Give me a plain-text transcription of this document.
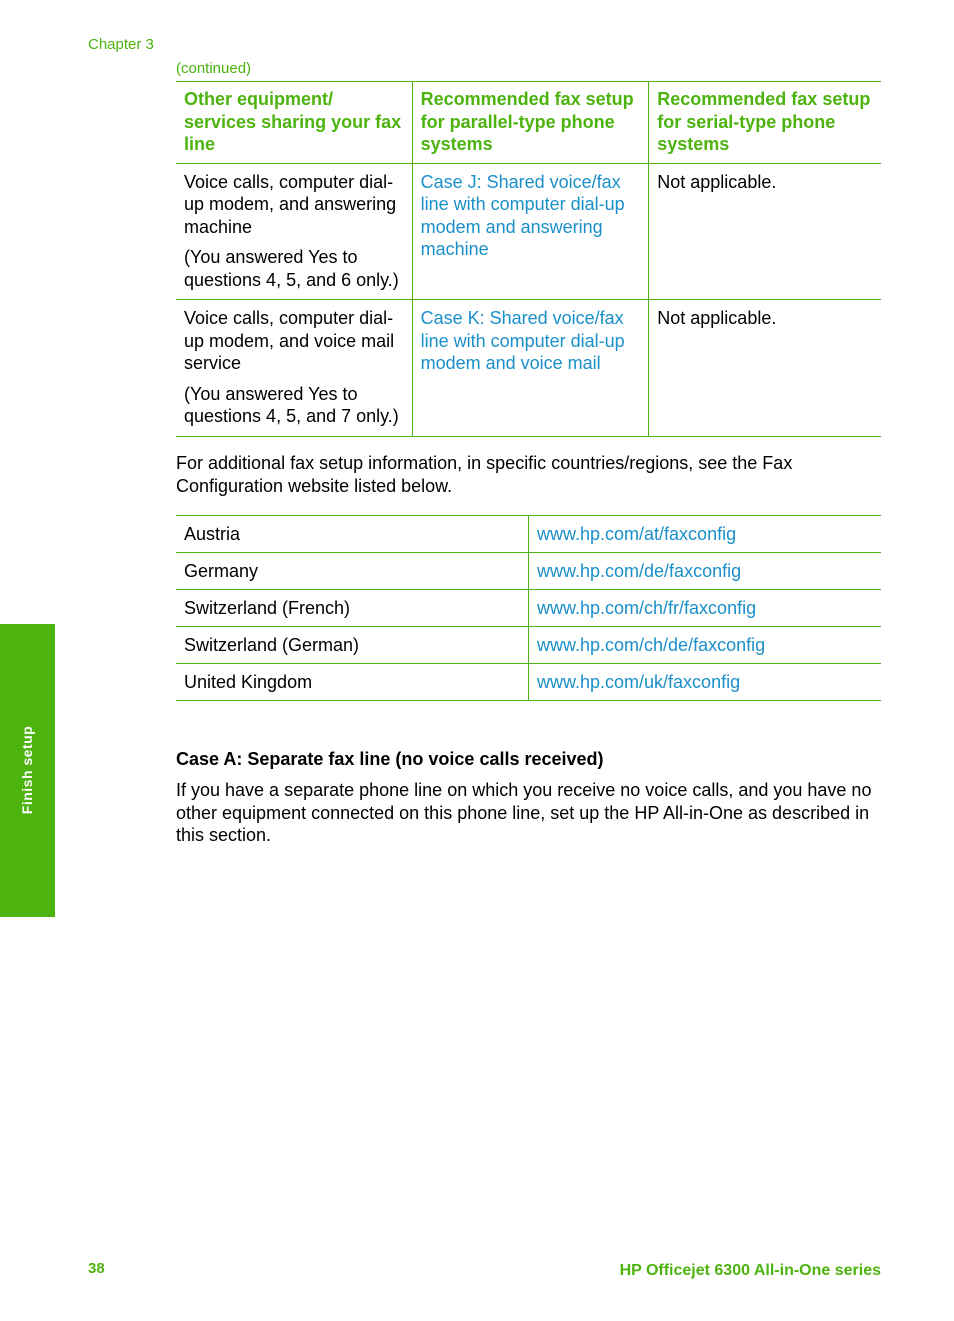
Chapter 3
(continued)
Finish setup
Other equipment/ services sharing your fax line	Recommended fax setup for parallel-type phone systems	Recommended fax setup for serial-type phone systems

Voice calls, computer dial-up modem, and answering machine

(You answered Yes to questions 4, 5, and 6 only.)	Case J: Shared voice/fax line with computer dial-up modem and answering machine	Not applicable.

Voice calls, computer dial-up modem, and voice mail service

(You answered Yes to questions 4, 5, and 7 only.)	Case K: Shared voice/fax line with computer dial-up modem and voice mail	Not applicable.

For additional fax setup information, in specific countries/regions, see the Fax Configuration website listed below.

Austria	www.hp.com/at/faxconfig
Germany	www.hp.com/de/faxconfig
Switzerland (French)	www.hp.com/ch/fr/faxconfig
Switzerland (German)	www.hp.com/ch/de/faxconfig
United Kingdom	www.hp.com/uk/faxconfig
Case A: Separate fax line (no voice calls received)

If you have a separate phone line on which you receive no voice calls, and you have no other equipment connected on this phone line, set up the HP All-in-One as described in this section.

38	HP Officejet 6300 All-in-One series
